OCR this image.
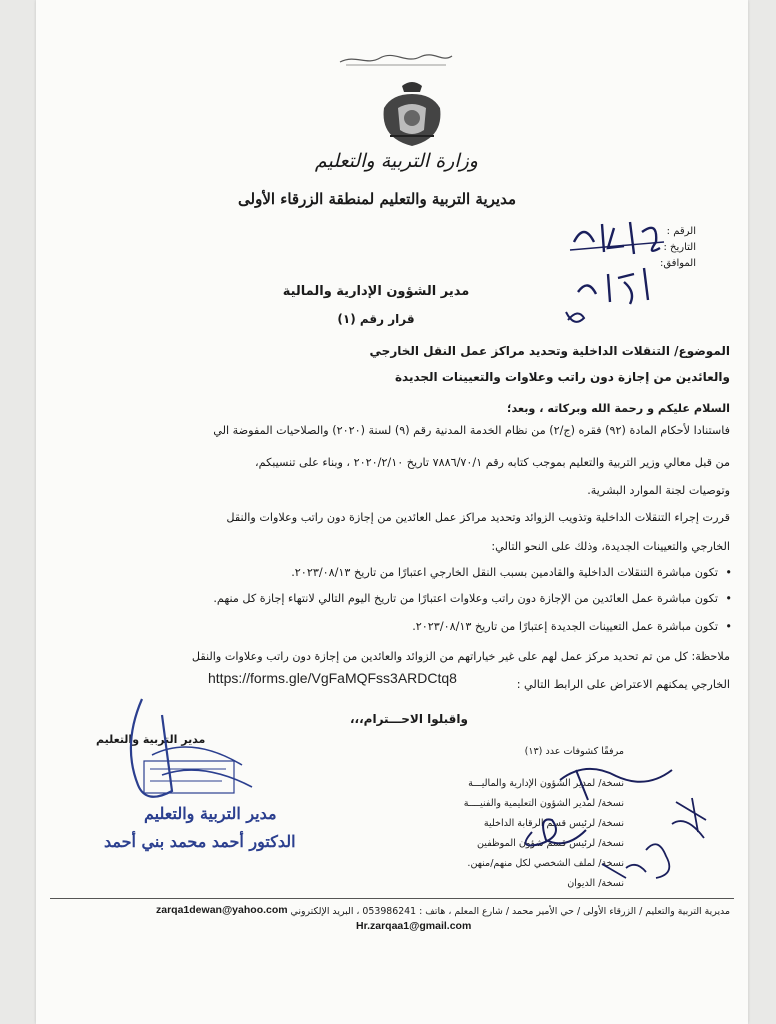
وزارة التربية والتعليم
مديرية التربية والتعليم لمنطقة الزرقاء الأولى
الرقم :
التاريخ :
الموافق:
مدير الشؤون الإدارية والمالية
قرار رقم (١)
الموضوع/ التنقلات الداخلية وتحديد مراكز عمل النقل الخارجي
والعائدين من إجازة دون راتب وعلاوات والتعيينات الجديدة
السلام عليكم و رحمة الله وبركاته ، وبعد؛
فاستنادا لأحكام المادة (٩٢) فقره (ج/٢) من نظام الخدمة المدنية رقم (٩) لسنة (٢٠٢٠) والصلاحيات المفوضة الي
من قبل معالي وزير التربية والتعليم بموجب كتابه رقم ٧٨٨٦/٧٠/١ تاريخ ٢٠٢٠/٢/١٠ ، وبناء على تنسيبكم،
وتوصيات لجنة الموارد البشرية.
قررت إجراء التنقلات الداخلية وتذويب الزوائد وتحديد مراكز عمل العائدين من إجازة دون راتب وعلاوات والنقل
الخارجي والتعيينات الجديدة، وذلك على النحو التالي:
تكون مباشرة التنقلات الداخلية والقادمين بسبب النقل الخارجي اعتبارًا من تاريخ ٢٠٢٣/٠٨/١٣. •
تكون مباشرة عمل العائدين من الإجازة دون راتب وعلاوات اعتبارًا من تاريخ اليوم التالي لانتهاء إجازة كل منهم. •
تكون مباشرة عمل التعيينات الجديدة إعتبارًا من تاريخ ٢٠٢٣/٠٨/١٣. •
ملاحظة: كل من تم تحديد مركز عمل لهم على غير خياراتهم من الزوائد والعائدين من إجازة دون راتب وعلاوات والنقل
الخارجي يمكنهم الاعتراض على الرابط التالي :
https://forms.gle/VgFaMQFss3ARDCtq8
واقبلوا الاحـــترام،،،
مدير التربية والتعليم
مدير التربية والتعليم
الدكتور أحمد محمد بني أحمد
مرفقًا كشوفات عدد (١٣)
نسخة/ لمدير الشؤون الإدارية والماليـــة
نسخة/ لمدير الشؤون التعليمية والفنيــــة
نسخة/ لرئيس قسم الرقابة الداخلية
نسخة/ لرئيس قسم شؤون الموظفين
نسخة/ لملف الشخصي لكل منهم/منهن.
نسخة/ الديوان
مديرية التربية والتعليم / الزرقاء الأولى / حي الأمير محمد / شارع المعلم ، هاتف : 053986241 ، البريد الإلكتروني
zarqa1dewan@yahoo.com
Hr.zarqaa1@gmail.com
